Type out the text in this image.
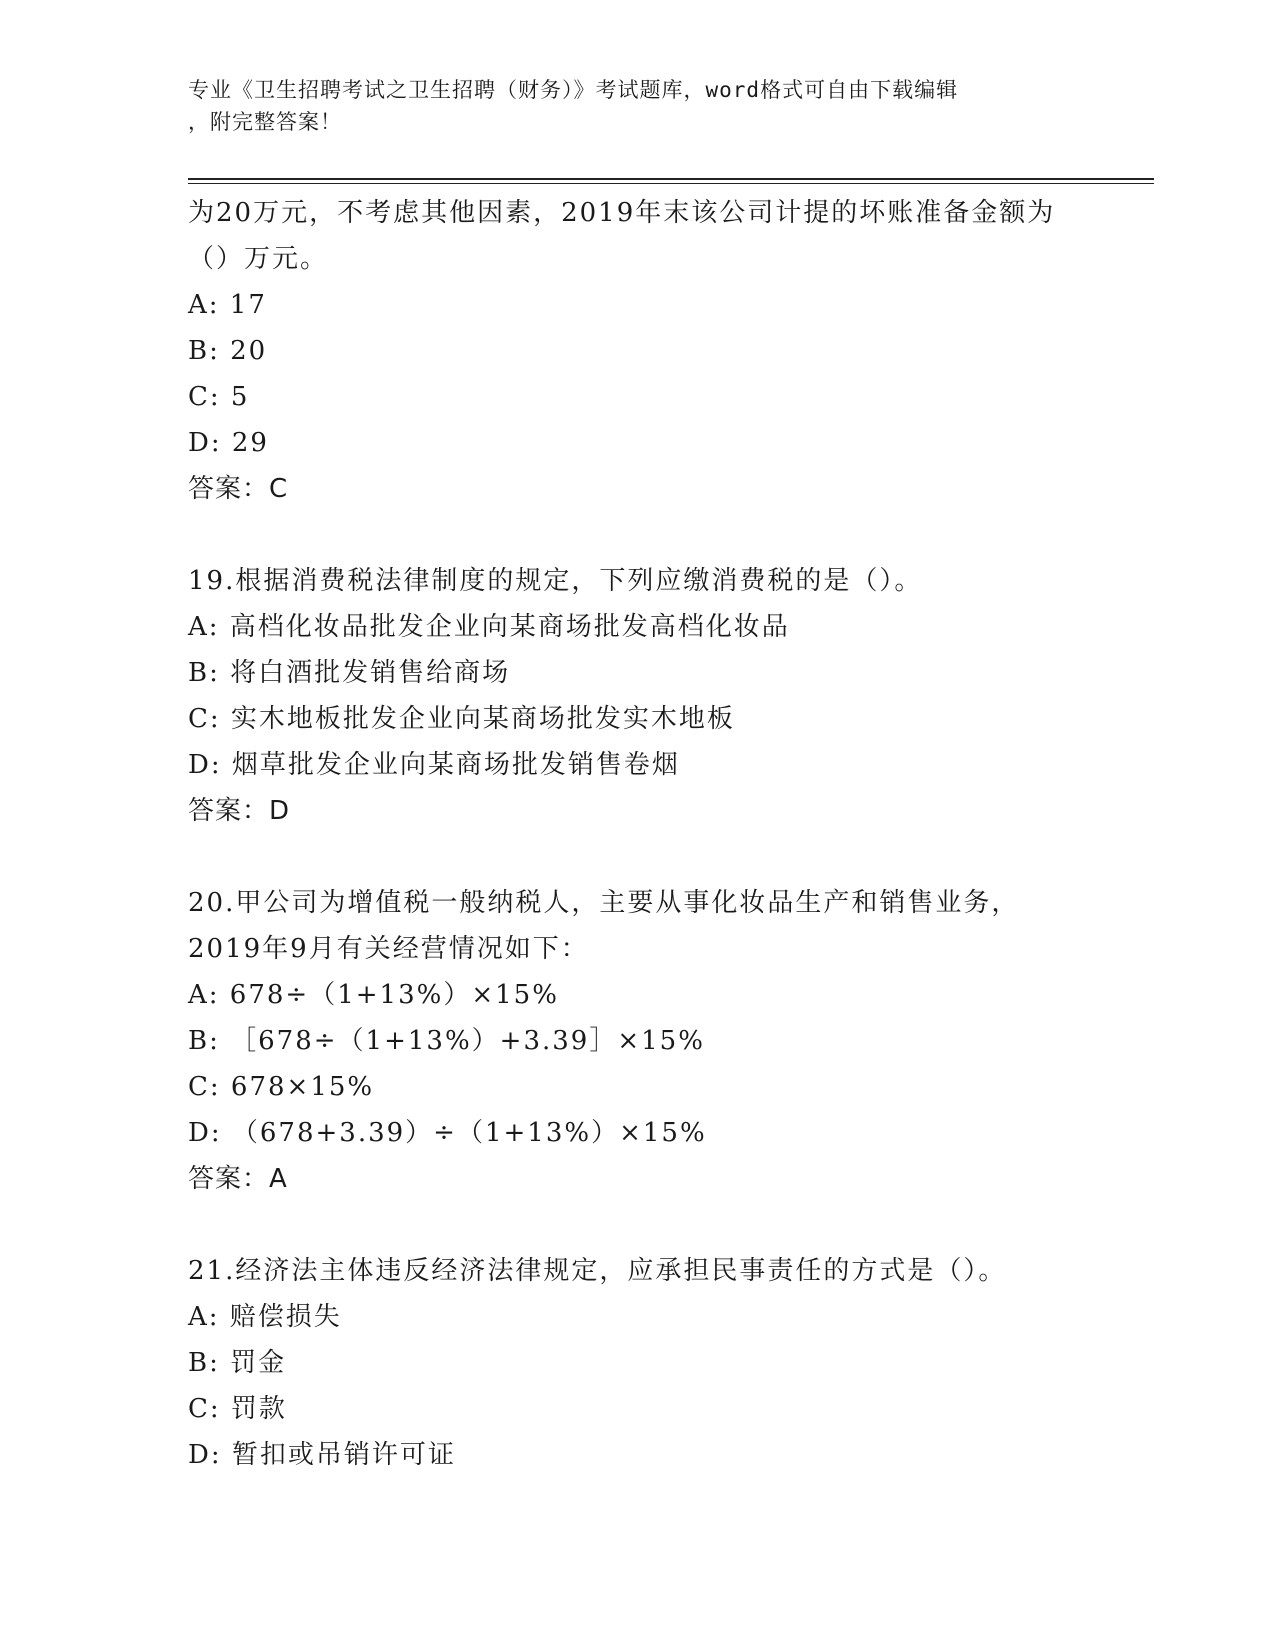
专业《卫生招聘考试之卫生招聘（财务）》考试题库，word格式可自由下载编辑
，附完整答案！
为20万元，不考虑其他因素，2019年末该公司计提的坏账准备金额为
（）万元。
A: 17
B: 20
C: 5
D: 29
答案：C
19.根据消费税法律制度的规定，下列应缴消费税的是（）。
A: 高档化妆品批发企业向某商场批发高档化妆品
B: 将白酒批发销售给商场
C: 实木地板批发企业向某商场批发实木地板
D: 烟草批发企业向某商场批发销售卷烟
答案：D
20.甲公司为增值税一般纳税人，主要从事化妆品生产和销售业务，
2019年9月有关经营情况如下：
A: 678÷（1+13%）×15%
B: ［678÷（1+13%）+3.39］×15%
C: 678×15%
D: （678+3.39）÷（1+13%）×15%
答案：A
21.经济法主体违反经济法律规定，应承担民事责任的方式是（）。
A: 赔偿损失
B: 罚金
C: 罚款
D: 暂扣或吊销许可证
